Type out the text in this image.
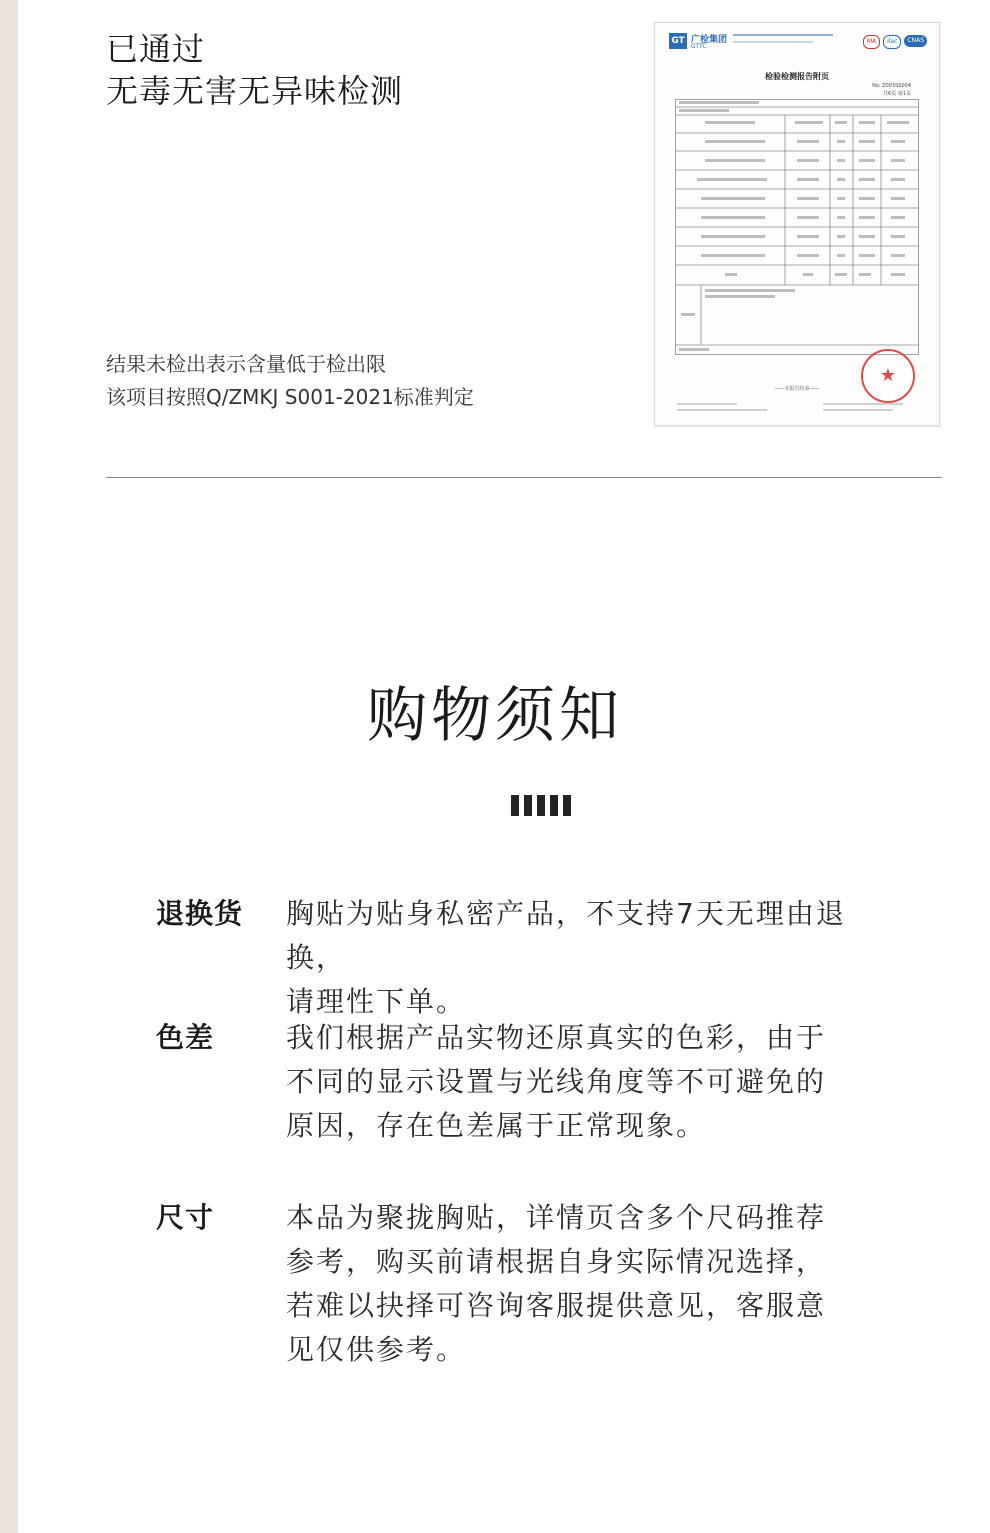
已通过
无毒无害无异味检测
结果未检出表示含量低于检出限
该项目按照Q/ZMKJ S001-2021标准判定
GT 广检集团
GTTC
MA	ilac	CNAS
检验检测报告附页
No: Z003SS004
共6页 第1页
★
——本报告结束——
购物须知
退换货 胸贴为贴身私密产品，不支持7天无理由退换，
请理性下单。
色差	我们根据产品实物还原真实的色彩，由于
不同的显示设置与光线角度等不可避免的
原因，存在色差属于正常现象。
尺寸	本品为聚拢胸贴，详情页含多个尺码推荐
参考，购买前请根据自身实际情况选择，
若难以抉择可咨询客服提供意见，客服意
见仅供参考。
